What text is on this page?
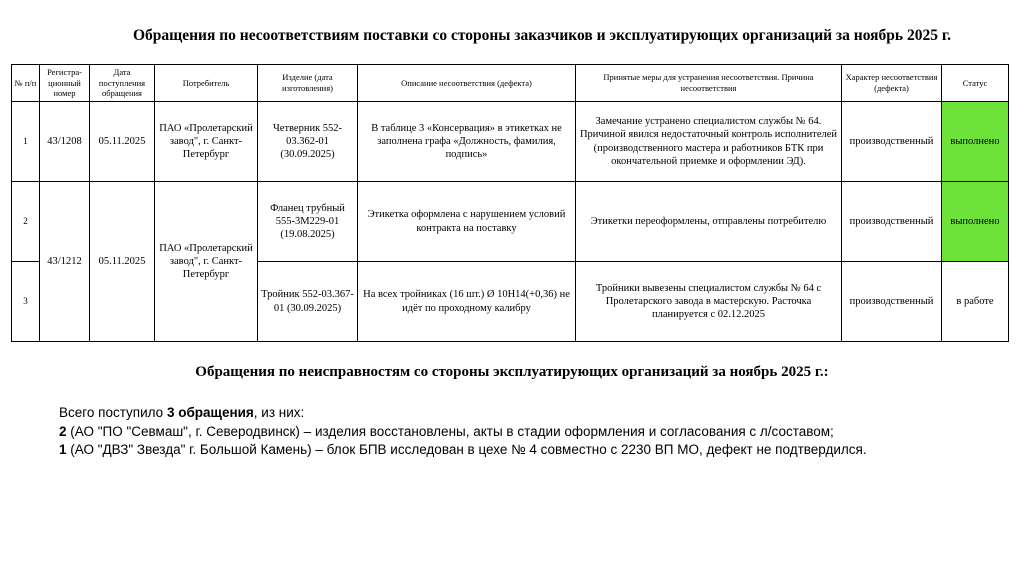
Обращения по несоответствиям поставки со стороны заказчиков и эксплуатирующих организаций за ноябрь 2025 г.
№ п/п	Регистра-ционный номер	Дата поступления обращения	Потребитель	Изделие (дата изготовления)	Описание несоответствия (дефекта)	Принятые меры для устранения несоответствия. Причина несоответствия	Характер несоответствия (дефекта)	Статус
1	43/1208	05.11.2025	ПАО «Пролетарский завод", г. Санкт-Петербург	Четверник 552-03.362-01 (30.09.2025)	В таблице 3 «Консервация» в этикетках не заполнена графа «Должность, фамилия, подпись»	Замечание устранено специалистом службы № 64. Причиной явился недостаточный контроль исполнителей (производственного мастера и работников БТК при окончательной приемке и оформлении ЭД).	производственный	выполнено
2	43/1212	05.11.2025	ПАО «Пролетарский завод", г. Санкт-Петербург	Фланец трубный 555-3М229-01 (19.08.2025)	Этикетка оформлена с нарушением условий контракта на поставку	Этикетки переоформлены, отправлены потребителю	производственный	выполнено
3				Тройник 552-03.367-01 (30.09.2025)	На всех тройниках (16 шт.) Ø 10Н14(+0,36) не идёт по проходному калибру	Тройники вывезены специалистом службы № 64 с Пролетарского завода в мастерскую. Расточка планируется с 02.12.2025	производственный	в работе
Обращения по неисправностям со стороны эксплуатирующих организаций за ноябрь 2025 г.:
Всего поступило 3 обращения, из них:
2 (АО "ПО "Севмаш", г. Северодвинск) – изделия восстановлены, акты в стадии оформления и согласования с л/составом;
1 (АО "ДВЗ" Звезда" г. Большой Камень) – блок БПВ исследован в цехе № 4 совместно с 2230 ВП МО, дефект не подтвердился.
